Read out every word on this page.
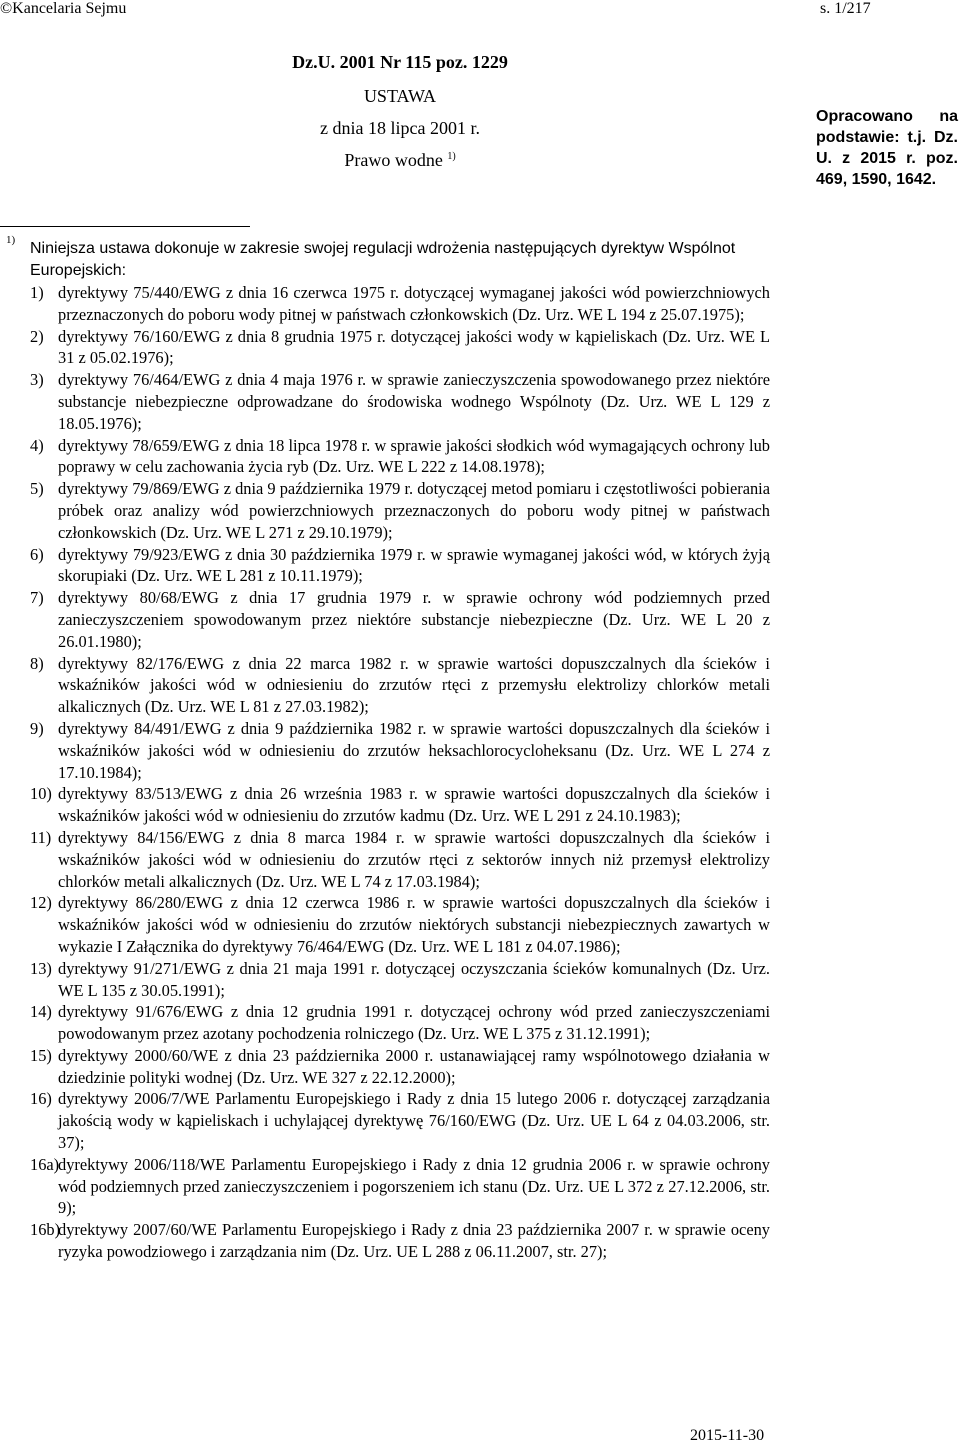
©Kancelaria Sejmu	s. 1/217
Dz.U. 2001 Nr 115 poz. 1229
USTAWA
z dnia 18 lipca 2001 r.
Prawo wodne $^{1)}$
Opracowano na podstawie: t.j. Dz. U. z 2015 r. poz. 469, 1590, 1642.
1) Niniejsza ustawa dokonuje w zakresie swojej regulacji wdrożenia następujących dyrektyw Wspólnot Europejskich:
1) dyrektywy 75/440/EWG z dnia 16 czerwca 1975 r. dotyczącej wymaganej jakości wód powierzchniowych przeznaczonych do poboru wody pitnej w państwach członkowskich (Dz. Urz. WE L 194 z 25.07.1975);
2) dyrektywy 76/160/EWG z dnia 8 grudnia 1975 r. dotyczącej jakości wody w kąpieliskach (Dz. Urz. WE L 31 z 05.02.1976);
3) dyrektywy 76/464/EWG z dnia 4 maja 1976 r. w sprawie zanieczyszczenia spowodowanego przez niektóre substancje niebezpieczne odprowadzane do środowiska wodnego Wspólnoty (Dz. Urz. WE L 129 z 18.05.1976);
4) dyrektywy 78/659/EWG z dnia 18 lipca 1978 r. w sprawie jakości słodkich wód wymagających ochrony lub poprawy w celu zachowania życia ryb (Dz. Urz. WE L 222 z 14.08.1978);
5) dyrektywy 79/869/EWG z dnia 9 października 1979 r. dotyczącej metod pomiaru i częstotliwości pobierania próbek oraz analizy wód powierzchniowych przeznaczonych do poboru wody pitnej w państwach członkowskich (Dz. Urz. WE L 271 z 29.10.1979);
6) dyrektywy 79/923/EWG z dnia 30 października 1979 r. w sprawie wymaganej jakości wód, w których żyją skorupiaki (Dz. Urz. WE L 281 z 10.11.1979);
7) dyrektywy 80/68/EWG z dnia 17 grudnia 1979 r. w sprawie ochrony wód podziemnych przed zanieczyszczeniem spowodowanym przez niektóre substancje niebezpieczne (Dz. Urz. WE L 20 z 26.01.1980);
8) dyrektywy 82/176/EWG z dnia 22 marca 1982 r. w sprawie wartości dopuszczalnych dla ścieków i wskaźników jakości wód w odniesieniu do zrzutów rtęci z przemysłu elektrolizy chlorków metali alkalicznych (Dz. Urz. WE L 81 z 27.03.1982);
9) dyrektywy 84/491/EWG z dnia 9 października 1982 r. w sprawie wartości dopuszczalnych dla ścieków i wskaźników jakości wód w odniesieniu do zrzutów heksachlorocycloheksanu (Dz. Urz. WE L 274 z 17.10.1984);
10) dyrektywy 83/513/EWG z dnia 26 września 1983 r. w sprawie wartości dopuszczalnych dla ścieków i wskaźników jakości wód w odniesieniu do zrzutów kadmu (Dz. Urz. WE L 291 z 24.10.1983);
11) dyrektywy 84/156/EWG z dnia 8 marca 1984 r. w sprawie wartości dopuszczalnych dla ścieków i wskaźników jakości wód w odniesieniu do zrzutów rtęci z sektorów innych niż przemysł elektrolizy chlorków metali alkalicznych (Dz. Urz. WE L 74 z 17.03.1984);
12) dyrektywy 86/280/EWG z dnia 12 czerwca 1986 r. w sprawie wartości dopuszczalnych dla ścieków i wskaźników jakości wód w odniesieniu do zrzutów niektórych substancji niebezpiecznych zawartych w wykazie I Załącznika do dyrektywy 76/464/EWG (Dz. Urz. WE L 181 z 04.07.1986);
13) dyrektywy 91/271/EWG z dnia 21 maja 1991 r. dotyczącej oczyszczania ścieków komunalnych (Dz. Urz. WE L 135 z 30.05.1991);
14) dyrektywy 91/676/EWG z dnia 12 grudnia 1991 r. dotyczącej ochrony wód przed zanieczyszczeniami powodowanym przez azotany pochodzenia rolniczego (Dz. Urz. WE L 375 z 31.12.1991);
15) dyrektywy 2000/60/WE z dnia 23 października 2000 r. ustanawiającej ramy wspólnotowego działania w dziedzinie polityki wodnej (Dz. Urz. WE 327 z 22.12.2000);
16) dyrektywy 2006/7/WE Parlamentu Europejskiego i Rady z dnia 15 lutego 2006 r. dotyczącej zarządzania jakością wody w kąpieliskach i uchylającej dyrektywę 76/160/EWG (Dz. Urz. UE L 64 z 04.03.2006, str. 37);
16a)
dyrektywy 2006/118/WE Parlamentu Europejskiego i Rady z dnia 12 grudnia 2006 r. w sprawie ochrony wód podziemnych przed zanieczyszczeniem i pogorszeniem ich stanu (Dz. Urz. UE L 372 z 27.12.2006, str. 9);
16b)
dyrektywy 2007/60/WE Parlamentu Europejskiego i Rady z dnia 23 października 2007 r. w sprawie oceny ryzyka powodziowego i zarządzania nim (Dz. Urz. UE L 288 z 06.11.2007, str. 27);
2015-11-30
